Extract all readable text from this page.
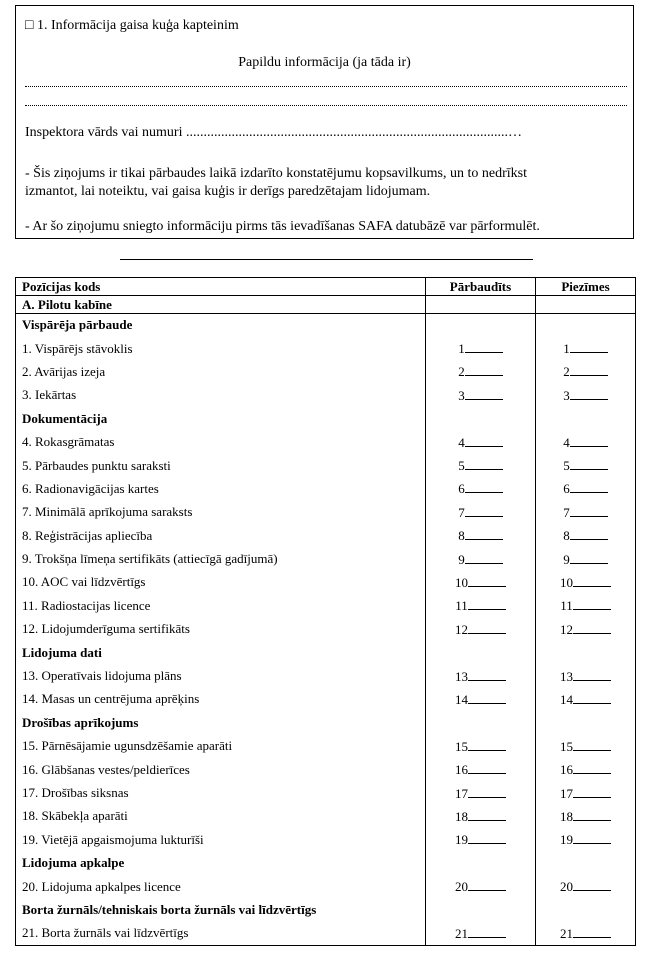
□ 1. Informācija gaisa kuģa kapteinim
Papildu informācija (ja tāda ir)
Inspektora vārds vai numuri ............................................................................................…
- Šis ziņojums ir tikai pārbaudes laikā izdarīto konstatējumu kopsavilkums, un to nedrīkst
izmantot, lai noteiktu, vai gaisa kuģis ir derīgs paredzētajam lidojumam.
- Ar šo ziņojumu sniegto informāciju pirms tās ievadīšanas SAFA datubāzē var pārformulēt.
Pozīcijas kods	Pārbaudīts	Piezīmes
A. Pilotu kabīne		
Vispārēja pārbaude		
1. Vispārējs stāvoklis	1	1
2. Avārijas izeja	2	2
3. Iekārtas	3	3
Dokumentācija		
4. Rokasgrāmatas	4	4
5. Pārbaudes punktu saraksti	5	5
6. Radionavigācijas kartes	6	6
7. Minimālā aprīkojuma saraksts	7	7
8. Reģistrācijas apliecība	8	8
9. Trokšņa līmeņa sertifikāts (attiecīgā gadījumā)	9	9
10. AOC vai līdzvērtīgs	10	10
11. Radiostacijas licence	11	11
12. Lidojumderīguma sertifikāts	12	12
Lidojuma dati		
13. Operatīvais lidojuma plāns	13	13
14. Masas un centrējuma aprēķins	14	14
Drošības aprīkojums		
15. Pārnēsājamie ugunsdzēšamie aparāti	15	15
16. Glābšanas vestes/peldierīces	16	16
17. Drošības siksnas	17	17
18. Skābekļa aparāti	18	18
19. Vietējā apgaismojuma lukturīši	19	19
Lidojuma apkalpe		
20. Lidojuma apkalpes licence	20	20
Borta žurnāls/tehniskais borta žurnāls vai līdzvērtīgs		
21. Borta žurnāls vai līdzvērtīgs	21	21
